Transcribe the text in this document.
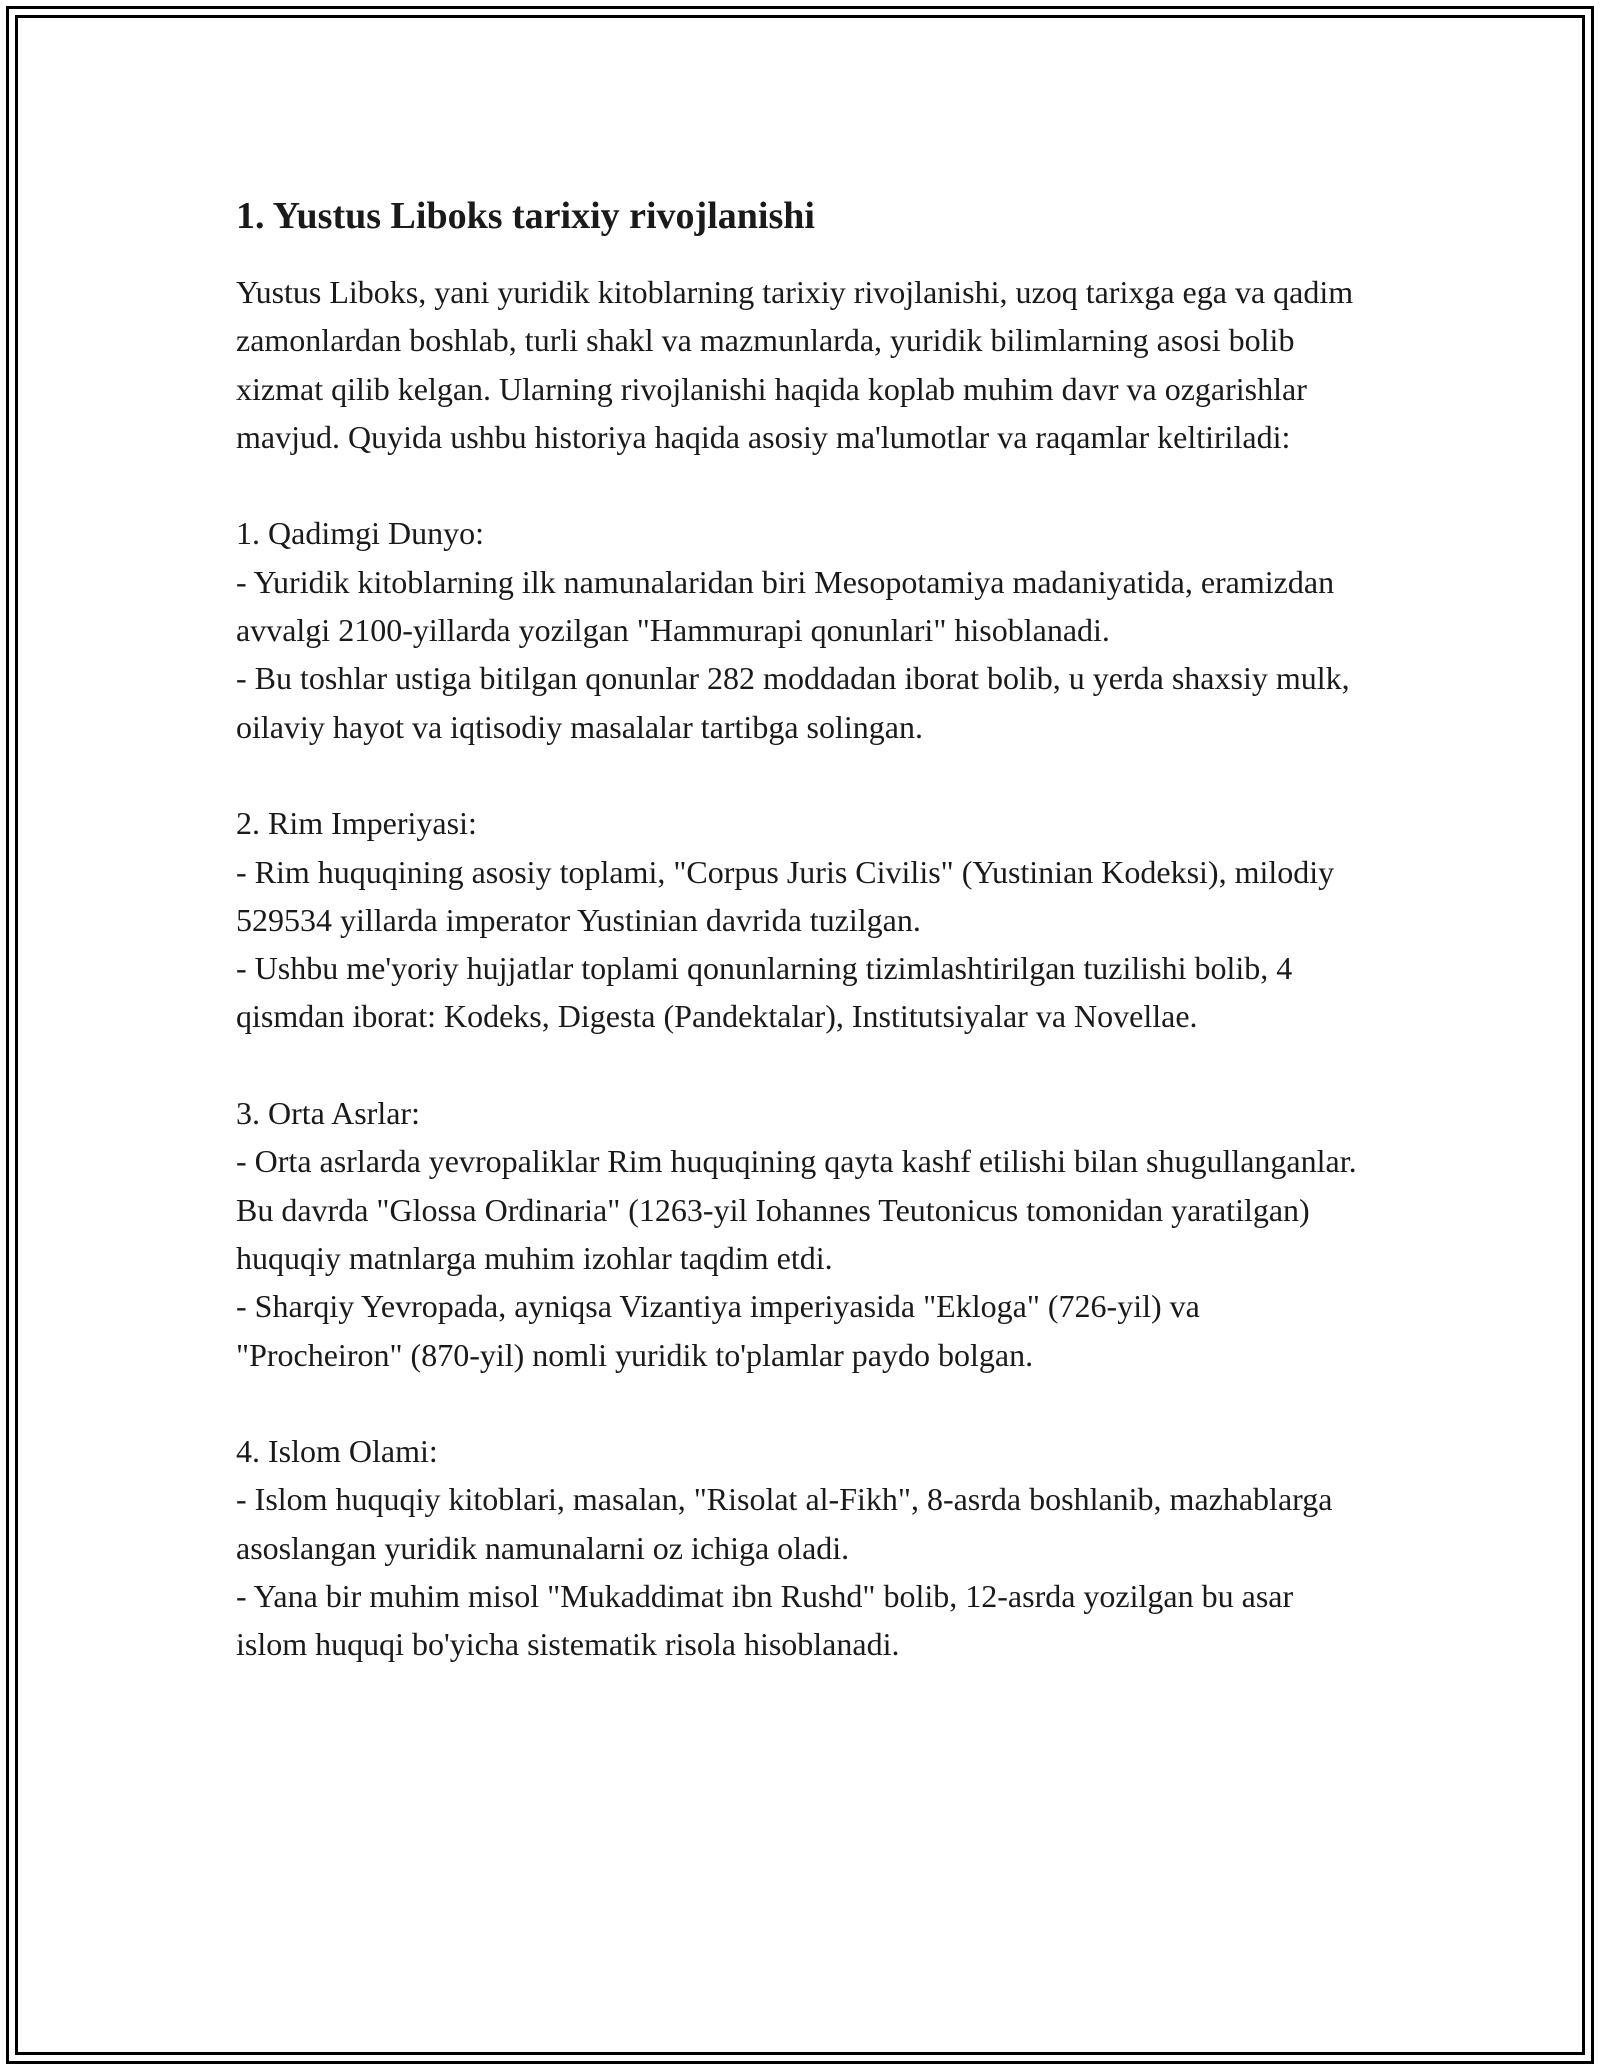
1. Yustus Liboks tarixiy rivojlanishi

Yustus Liboks, yani yuridik kitoblarning tarixiy rivojlanishi, uzoq tarixga ega va qadim zamonlardan boshlab, turli shakl va mazmunlarda, yuridik bilimlarning asosi bolib xizmat qilib kelgan. Ularning rivojlanishi haqida koplab muhim davr va ozgarishlar mavjud. Quyida ushbu historiya haqida asosiy ma'lumotlar va raqamlar keltiriladi:

1. Qadimgi Dunyo:
- Yuridik kitoblarning ilk namunalaridan biri Mesopotamiya madaniyatida, eramizdan avvalgi 2100-yillarda yozilgan "Hammurapi qonunlari" hisoblanadi.
- Bu toshlar ustiga bitilgan qonunlar 282 moddadan iborat bolib, u yerda shaxsiy mulk, oilaviy hayot va iqtisodiy masalalar tartibga solingan.
2. Rim Imperiyasi:
- Rim huquqining asosiy toplami, "Corpus Juris Civilis" (Yustinian Kodeksi), milodiy 529534 yillarda imperator Yustinian davrida tuzilgan.
- Ushbu me'yoriy hujjatlar toplami qonunlarning tizimlashtirilgan tuzilishi bolib, 4 qismdan iborat: Kodeks, Digesta (Pandektalar), Institutsiyalar va Novellae.
3. Orta Asrlar:
- Orta asrlarda yevropaliklar Rim huquqining qayta kashf etilishi bilan shugullanganlar. Bu davrda "Glossa Ordinaria" (1263-yil Iohannes Teutonicus tomonidan yaratilgan) huquqiy matnlarga muhim izohlar taqdim etdi.
- Sharqiy Yevropada, ayniqsa Vizantiya imperiyasida "Ekloga" (726-yil) va "Procheiron" (870-yil) nomli yuridik to'plamlar paydo bolgan.
4. Islom Olami:
- Islom huquqiy kitoblari, masalan, "Risolat al-Fikh", 8-asrda boshlanib, mazhablarga asoslangan yuridik namunalarni oz ichiga oladi.
- Yana bir muhim misol "Mukaddimat ibn Rushd" bolib, 12-asrda yozilgan bu asar islom huquqi bo'yicha sistematik risola hisoblanadi.
